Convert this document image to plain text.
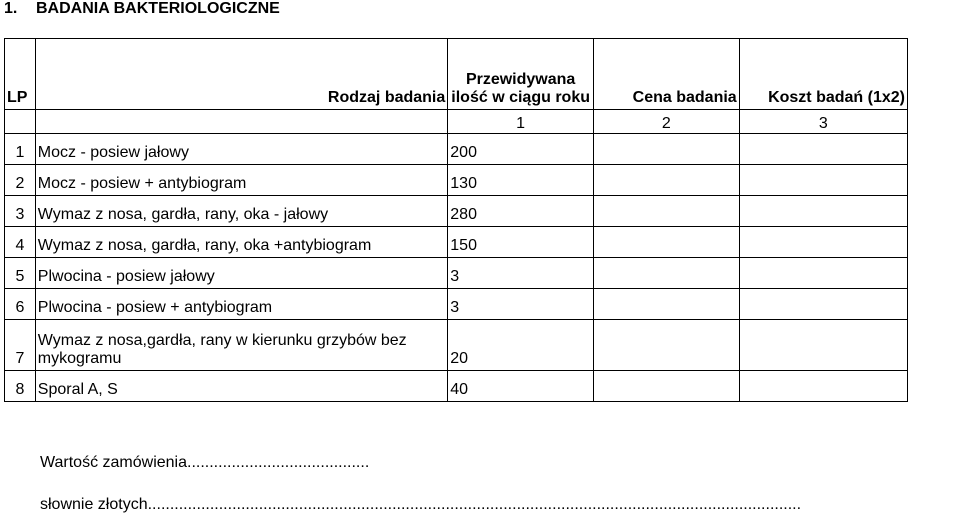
1. BADANIA BAKTERIOLOGICZNE
LP	Rodzaj badania	Przewidywana ilość w ciągu roku	Cena badania	Koszt badań (1x2)
		1	2	3
1	Mocz - posiew jałowy	200		
2	Mocz - posiew + antybiogram	130		
3	Wymaz z nosa, gardła, rany, oka - jałowy	280		
4	Wymaz z nosa, gardła, rany, oka +antybiogram	150		
5	Plwocina - posiew jałowy	3		
6	Plwocina - posiew + antybiogram	3		
7	Wymaz z nosa,gardła, rany w kierunku grzybów bez mykogramu	20		
8	Sporal A, S	40		
Wartość zamówienia.........................................
słownie złotych...................................................................................................................................................
